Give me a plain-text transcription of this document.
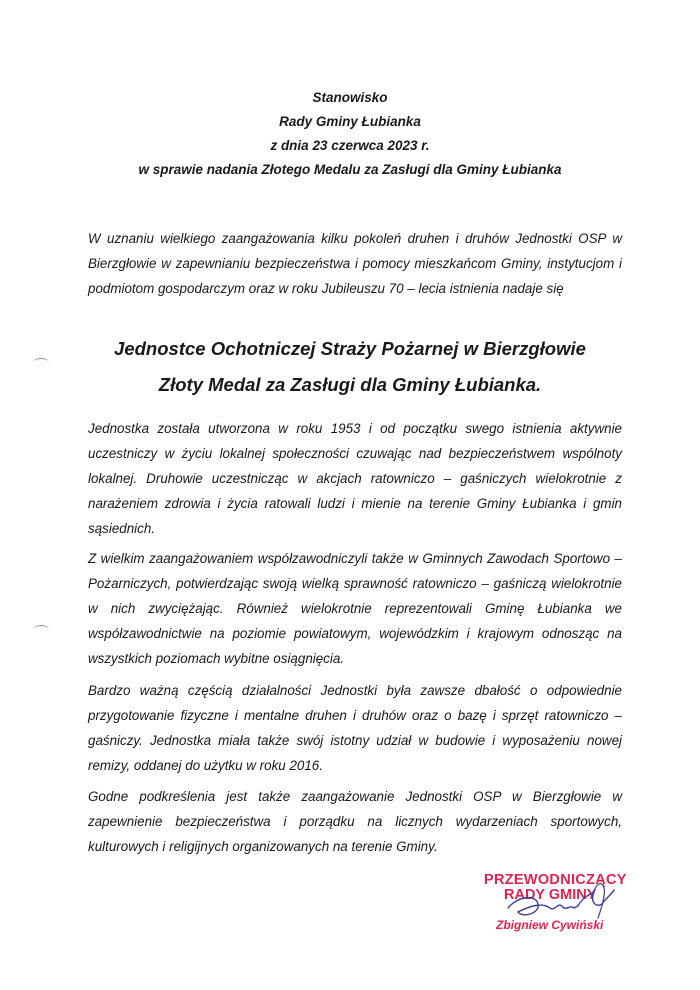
Stanowisko
Rady Gminy Łubianka
z dnia 23 czerwca 2023 r.
w sprawie nadania Złotego Medalu za Zasługi dla Gminy Łubianka
W uznaniu wielkiego zaangażowania kilku pokoleń druhen i druhów Jednostki OSP w Bierzgłowie w zapewnianiu bezpieczeństwa i pomocy mieszkańcom Gminy, instytucjom i podmiotom gospodarczym oraz w roku Jubileuszu 70 – lecia istnienia nadaje się
Jednostce Ochotniczej Straży Pożarnej w Bierzgłowie
Złoty Medal za Zasługi dla Gminy Łubianka.
Jednostka została utworzona w roku 1953 i od początku swego istnienia aktywnie uczestniczy w życiu lokalnej społeczności czuwając nad bezpieczeństwem wspólnoty lokalnej. Druhowie uczestnicząc w akcjach ratowniczo – gaśniczych wielokrotnie z narażeniem zdrowia i życia ratowali ludzi i mienie na terenie Gminy Łubianka i gmin sąsiednich.
Z wielkim zaangażowaniem współzawodniczyli także w Gminnych Zawodach Sportowo – Pożarniczych, potwierdzając swoją wielką sprawność ratowniczo – gaśniczą wielokrotnie w nich zwyciężając. Również wielokrotnie reprezentowali Gminę Łubianka we współzawodnictwie na poziomie powiatowym, wojewódzkim i krajowym odnosząc na wszystkich poziomach wybitne osiągnięcia.
Bardzo ważną częścią działalności Jednostki była zawsze dbałość o odpowiednie przygotowanie fizyczne i mentalne druhen i druhów oraz o bazę i sprzęt ratowniczo – gaśniczy. Jednostka miała także swój istotny udział w budowie i wyposażeniu nowej remizy, oddanej do użytku w roku 2016.
Godne podkreślenia jest także zaangażowanie Jednostki OSP w Bierzgłowie w zapewnienie bezpieczeństwa i porządku na licznych wydarzeniach sportowych, kulturowych i religijnych organizowanych na terenie Gminy.
PRZEWODNICZĄCY
RADY GMINY
Zbigniew Cywiński
